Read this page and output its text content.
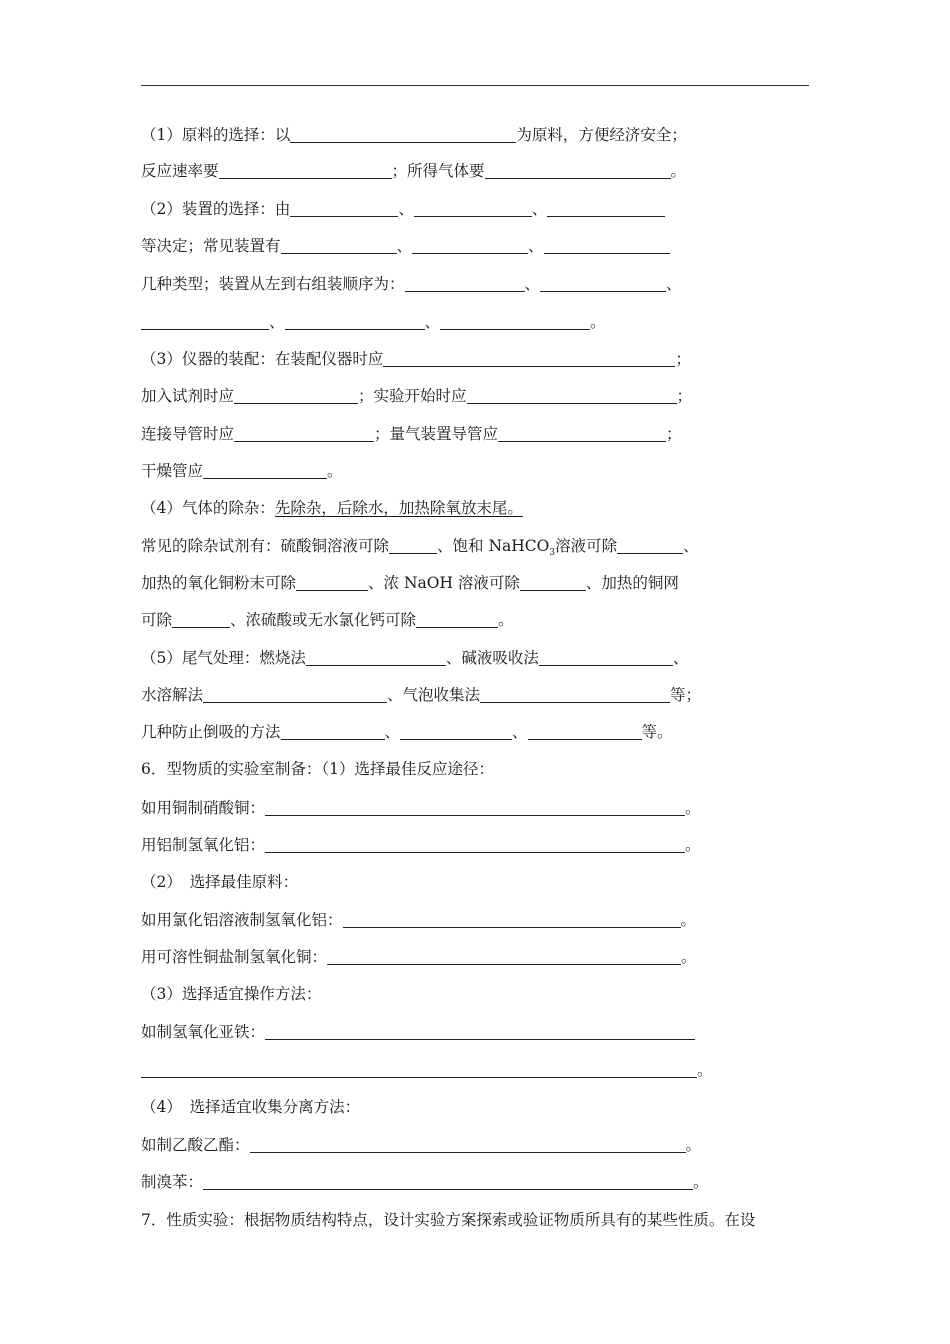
（1）原料的选择：以	为原料，方便经济安全；
反应速率要	；所得气体要	。
（2）装置的选择：由	、	、
等决定；常见装置有	、	、
几种类型；装置从左到右组装顺序为：	、	、
、	、	。
（3）仪器的装配：在装配仪器时应	；
加入试剂时应	；实验开始时应	；
连接导管时应	；量气装置导管应	；
干燥管应	。
（4）气体的除杂：先除杂，后除水，加热除氧放末尾。
常见的除杂试剂有：硫酸铜溶液可除	、饱和 NaHCO$_3$溶液可除	、
加热的氧化铜粉末可除	、浓 NaOH 溶液可除	、加热的铜网
可除	、浓硫酸或无水氯化钙可除	。
（5）尾气处理：燃烧法	、碱液吸收法	、
水溶解法	、气泡收集法	等；
几种防止倒吸的方法	、	、	等。
6．型物质的实验室制备：（1）选择最佳反应途径：
如用铜制硝酸铜：	。
用铝制氢氧化铝：	。
（2）　选择最佳原料：
如用氯化铝溶液制氢氧化铝：	。
用可溶性铜盐制氢氧化铜：	。
（3）选择适宜操作方法：
如制氢氧化亚铁：
。
（4）　选择适宜收集分离方法：
如制乙酸乙酯：	。
制溴苯：	。
7．性质实验：根据物质结构特点，设计实验方案探索或验证物质所具有的某些性质。在设
